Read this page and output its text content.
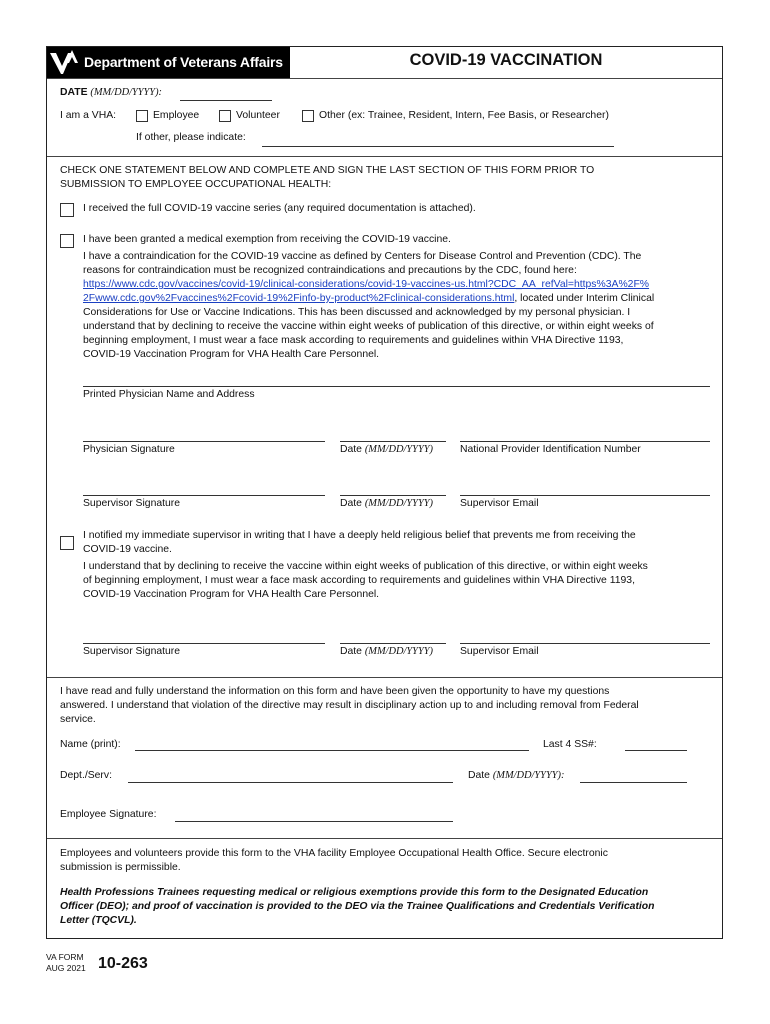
Department of Veterans Affairs	COVID-19 VACCINATION
DATE (MM/DD/YYYY):
I am a VHA:	Employee	Volunteer	Other (ex: Trainee, Resident, Intern, Fee Basis, or Researcher)
If other, please indicate:
CHECK ONE STATEMENT BELOW AND COMPLETE AND SIGN THE LAST SECTION OF THIS FORM PRIOR TO
SUBMISSION TO EMPLOYEE OCCUPATIONAL HEALTH:
I received the full COVID-19 vaccine series (any required documentation is attached).
I have been granted a medical exemption from receiving the COVID-19 vaccine.
I have a contraindication for the COVID-19 vaccine as defined by Centers for Disease Control and Prevention (CDC). The
reasons for contraindication must be recognized contraindications and precautions by the CDC, found here:
https://www.cdc.gov/vaccines/covid-19/clinical-considerations/covid-19-vaccines-us.html?CDC_AA_refVal=https%3A%2F%
2Fwww.cdc.gov%2Fvaccines%2Fcovid-19%2Finfo-by-product%2Fclinical-considerations.html, located under Interim Clinical
Considerations for Use or Vaccine Indications. This has been discussed and acknowledged by my personal physician. I
understand that by declining to receive the vaccine within eight weeks of publication of this directive, or within eight weeks of
beginning employment, I must wear a face mask according to requirements and guidelines within VHA Directive 1193,
COVID-19 Vaccination Program for VHA Health Care Personnel.
Printed Physician Name and Address
Physician Signature	Date (MM/DD/YYYY)	National Provider Identification Number
Supervisor Signature	Date (MM/DD/YYYY)	Supervisor Email
I notified my immediate supervisor in writing that I have a deeply held religious belief that prevents me from receiving the
COVID-19 vaccine.
I understand that by declining to receive the vaccine within eight weeks of publication of this directive, or within eight weeks
of beginning employment, I must wear a face mask according to requirements and guidelines within VHA Directive 1193,
COVID-19 Vaccination Program for VHA Health Care Personnel.
Supervisor Signature	Date (MM/DD/YYYY)	Supervisor Email
I have read and fully understand the information on this form and have been given the opportunity to have my questions
answered. I understand that violation of the directive may result in disciplinary action up to and including removal from Federal
service.
Name (print):	Last 4 SS#:
Dept./Serv:	Date (MM/DD/YYYY):
Employee Signature:
Employees and volunteers provide this form to the VHA facility Employee Occupational Health Office. Secure electronic
submission is permissible.
Health Professions Trainees requesting medical or religious exemptions provide this form to the Designated Education
Officer (DEO); and proof of vaccination is provided to the DEO via the Trainee Qualifications and Credentials Verification
Letter (TQCVL).
VA FORM
AUG 2021 10-263
